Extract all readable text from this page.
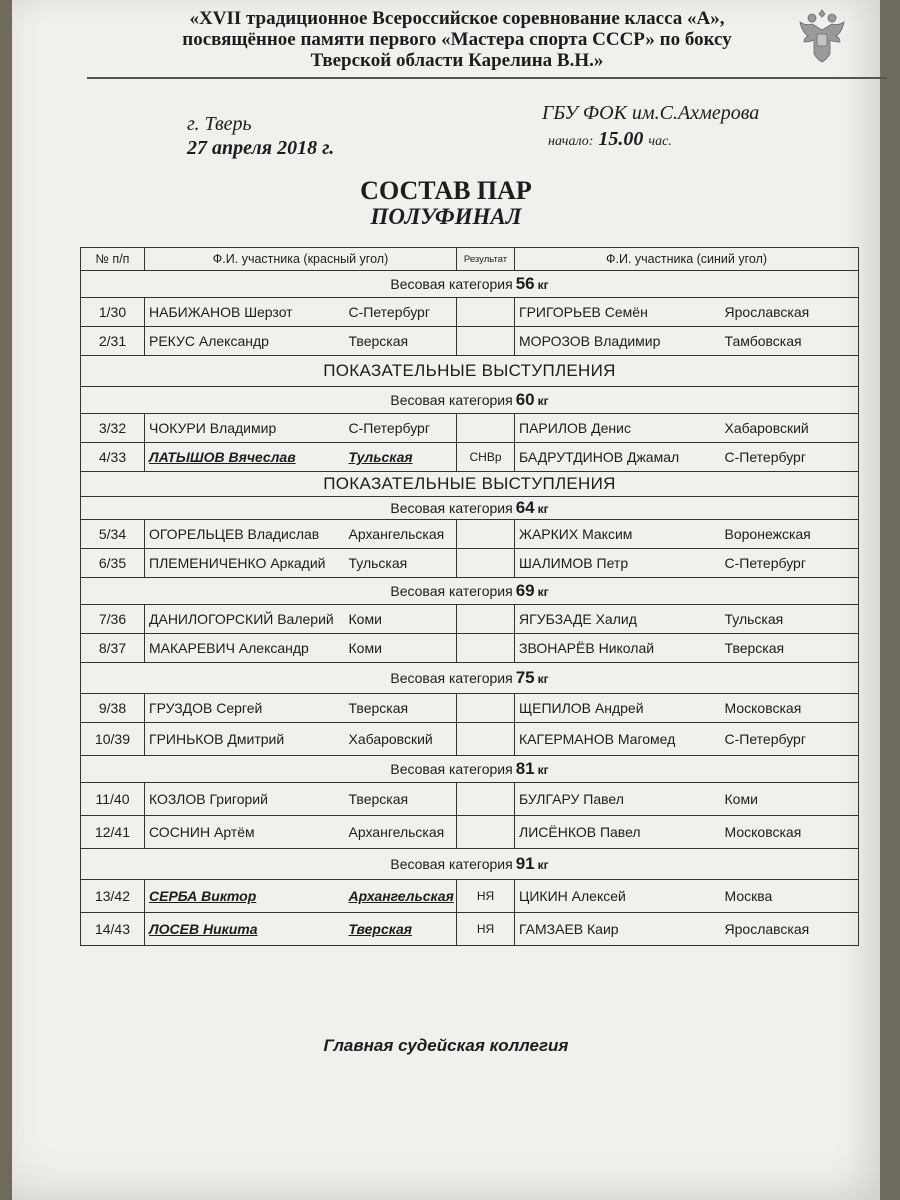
«XVII традиционное Всероссийское соревнование класса «А»,
посвящённое памяти первого «Мастера спорта СССР» по боксу
Тверской области Карелина В.Н.»
г. Тверь
27 апреля 2018 г.
ГБУ ФОК им.С.Ахмерова
начало: 15.00 час.
СОСТАВ ПАР
ПОЛУФИНАЛ
№ п/п	Ф.И. участника (красный угол)		Результат	Ф.И. участника (синий угол)	
Весовая категория 56 кг					
1/30	НАБИЖАНОВ Шерзот	С-Петербург		ГРИГОРЬЕВ Семён	Ярославская
2/31	РЕКУС Александр	Тверская		МОРОЗОВ Владимир	Тамбовская
ПОКАЗАТЕЛЬНЫЕ ВЫСТУПЛЕНИЯ					
Весовая категория 60 кг					
3/32	ЧОКУРИ Владимир	С-Петербург		ПАРИЛОВ Денис	Хабаровский
4/33	ЛАТЫШОВ Вячеслав	Тульская	СНВр	БАДРУТДИНОВ Джамал	С-Петербург
ПОКАЗАТЕЛЬНЫЕ ВЫСТУПЛЕНИЯ					
Весовая категория 64 кг					
5/34	ОГОРЕЛЬЦЕВ Владислав	Архангельская		ЖАРКИХ Максим	Воронежская
6/35	ПЛЕМЕНИЧЕНКО Аркадий	Тульская		ШАЛИМОВ Петр	С-Петербург
Весовая категория 69 кг					
7/36	ДАНИЛОГОРСКИЙ Валерий	Коми		ЯГУБЗАДЕ Халид	Тульская
8/37	МАКАРЕВИЧ Александр	Коми		ЗВОНАРЁВ Николай	Тверская
Весовая категория 75 кг					
9/38	ГРУЗДОВ Сергей	Тверская		ЩЕПИЛОВ Андрей	Московская
10/39	ГРИНЬКОВ Дмитрий	Хабаровский		КАГЕРМАНОВ Магомед	С-Петербург
Весовая категория 81 кг					
11/40	КОЗЛОВ Григорий	Тверская		БУЛГАРУ Павел	Коми
12/41	СОСНИН Артём	Архангельская		ЛИСЁНКОВ Павел	Московская
Весовая категория 91 кг					
13/42	СЕРБА Виктор	Архангельская	НЯ	ЦИКИН Алексей	Москва
14/43	ЛОСЕВ Никита	Тверская	НЯ	ГАМЗАЕВ Каир	Ярославская
Главная судейская коллегия
